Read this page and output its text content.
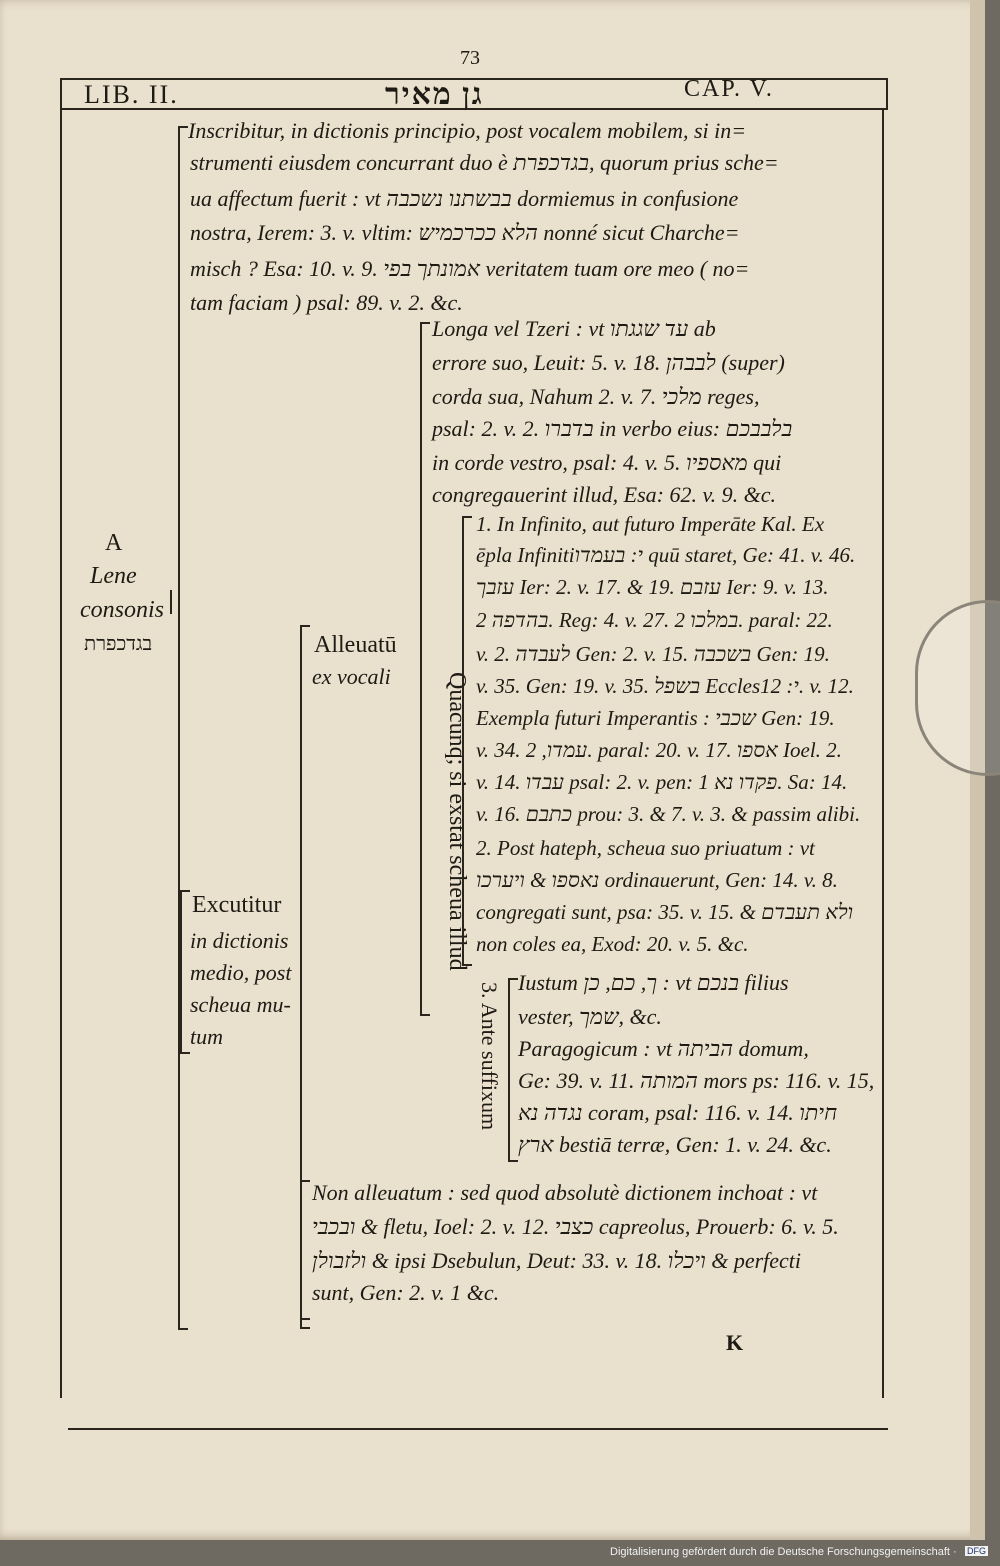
73
LIB. II.	גן מאיר	CAP. V.
A
Lene
consonis
בגדכפרת
Inscribitur, in dictionis principio, post vocalem mobilem, si in=
strumenti eiusdem concurrant duo è בגדכפרת, quorum prius sche=
ua affectum fuerit : vt בבשתנו נשכבה dormiemus in confusione
nostra, Ierem: 3. v. vltim: הלא ככרכמיש nonné sicut Charche=
misch ? Esa: 10. v. 9. אמונתך בפי veritatem tuam ore meo ( no=
tam faciam ) psal: 89. v. 2. &c.
Alleuatū
ex vocali
Excutitur
in dictionis
medio, post
scheua mu-
tum
Longa vel Tzeri : vt עד שגגתו ab
errore suo, Leuit: 5. v. 18. לבבהן (super)
corda sua, Nahum 2. v. 7. מלכי reges,
psal: 2. v. 2. בדברו in verbo eius: בלבבכם
in corde vestro, psal: 4. v. 5. מאספיו qui
congregauerint illud, Esa: 62. v. 9. &c.
Quacunq; si exstat scheua illud
1. In Infinito, aut futuro Imperāte Kal. Ex
ēpla Infinitiי: בעמדו quū staret, Ge: 41. v. 46.
עזבך Ier: 2. v. 17. & 19. עזבם Ier: 9. v. 13.
בהדפה 2. Reg: 4. v. 27. במלכו 2. paral: 22.
v. 2. לעבדה Gen: 2. v. 15. בשכבה Gen: 19.
v. 35. Gen: 19. v. 35. בשפל Ecclesי: 12. v. 12.
Exempla futuri Imperantis : שכבי Gen: 19.
v. 34. עמדו, 2. paral: 20. v. 17. אספו Ioel. 2.
v. 14. עבדו psal: 2. v. pen: פקדו נא 1. Sa: 14.
v. 16. כתבם prou: 3. & 7. v. 3. & passim alibi.
2. Post hateph, scheua suo priuatum : vt
נאספו & ויערכו ordinauerunt, Gen: 14. v. 8.
congregati sunt, psa: 35. v. 15. & ולא תעבדם
non coles ea, Exod: 20. v. 5. &c.
3. Ante suffixum Iustum ך, כם, כן : vt בנכם filius
vester, שמך, &c.
Paragogicum : vt הביתה domum,
Ge: 39. v. 11. המותה mors ps: 116. v. 15,
נגדה נא coram, psal: 116. v. 14. חיתו
ארץ bestiā terræ, Gen: 1. v. 24. &c.
Non alleuatum : sed quod absolutè dictionem inchoat : vt
ובכבי & fletu, Ioel: 2. v. 12. כצבי capreolus, Prouerb: 6. v. 5.
ולזבולן & ipsi Dsebulun, Deut: 33. v. 18. ויכלו & perfecti
sunt, Gen: 2. v. 1 &c.
K
Digitalisierung gefördert durch die Deutsche Forschungsgemeinschaft · DFG
